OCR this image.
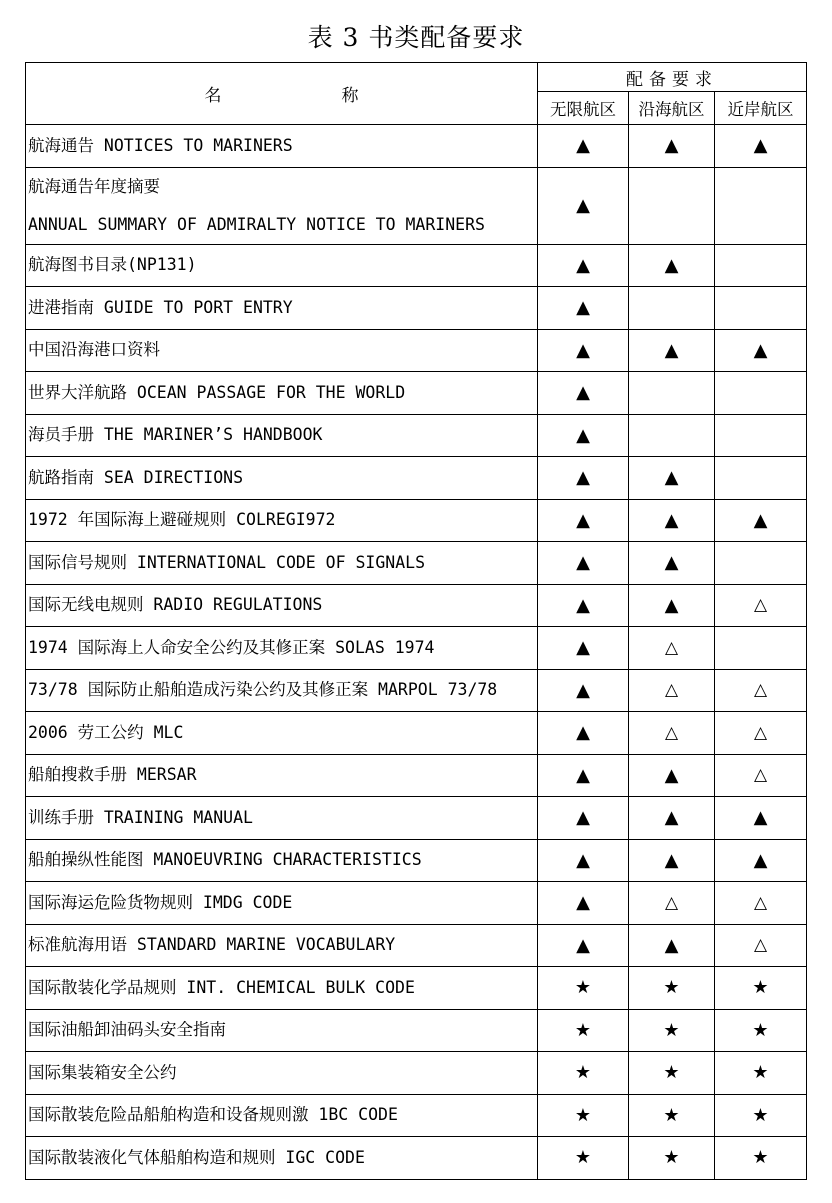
表 3 书类配备要求
名 称	配备要求		
	无限航区	沿海航区	近岸航区

航海通告 NOTICES TO MARINERS	▲	▲	▲

航海通告年度摘要
ANNUAL SUMMARY OF ADMIRALTY NOTICE TO MARINERS	▲		

航海图书目录(NP131)	▲	▲	

进港指南 GUIDE TO PORT ENTRY	▲		

中国沿海港口资料	▲	▲	▲

世界大洋航路 OCEAN PASSAGE FOR THE WORLD	▲		

海员手册 THE MARINER’S HANDBOOK	▲		

航路指南 SEA DIRECTIONS	▲	▲	

1972 年国际海上避碰规则 COLREGI972	▲	▲	▲

国际信号规则 INTERNATIONAL CODE OF SIGNALS	▲	▲	

国际无线电规则 RADIO REGULATIONS	▲	▲	△

1974 国际海上人命安全公约及其修正案 SOLAS 1974	▲	△	

73/78 国际防止船舶造成污染公约及其修正案 MARPOL 73/78	▲	△	△

2006 劳工公约 MLC	▲	△	△

船舶搜救手册 MERSAR	▲	▲	△

训练手册 TRAINING MANUAL	▲	▲	▲

船舶操纵性能图 MANOEUVRING CHARACTERISTICS	▲	▲	▲

国际海运危险货物规则 IMDG CODE	▲	△	△

标准航海用语 STANDARD MARINE VOCABULARY	▲	▲	△

国际散装化学品规则 INT. CHEMICAL BULK CODE	★	★	★

国际油船卸油码头安全指南	★	★	★

国际集装箱安全公约	★	★	★

国际散装危险品船舶构造和设备规则激 1BC CODE	★	★	★

国际散装液化气体船舶构造和规则 IGC CODE	★	★	★
